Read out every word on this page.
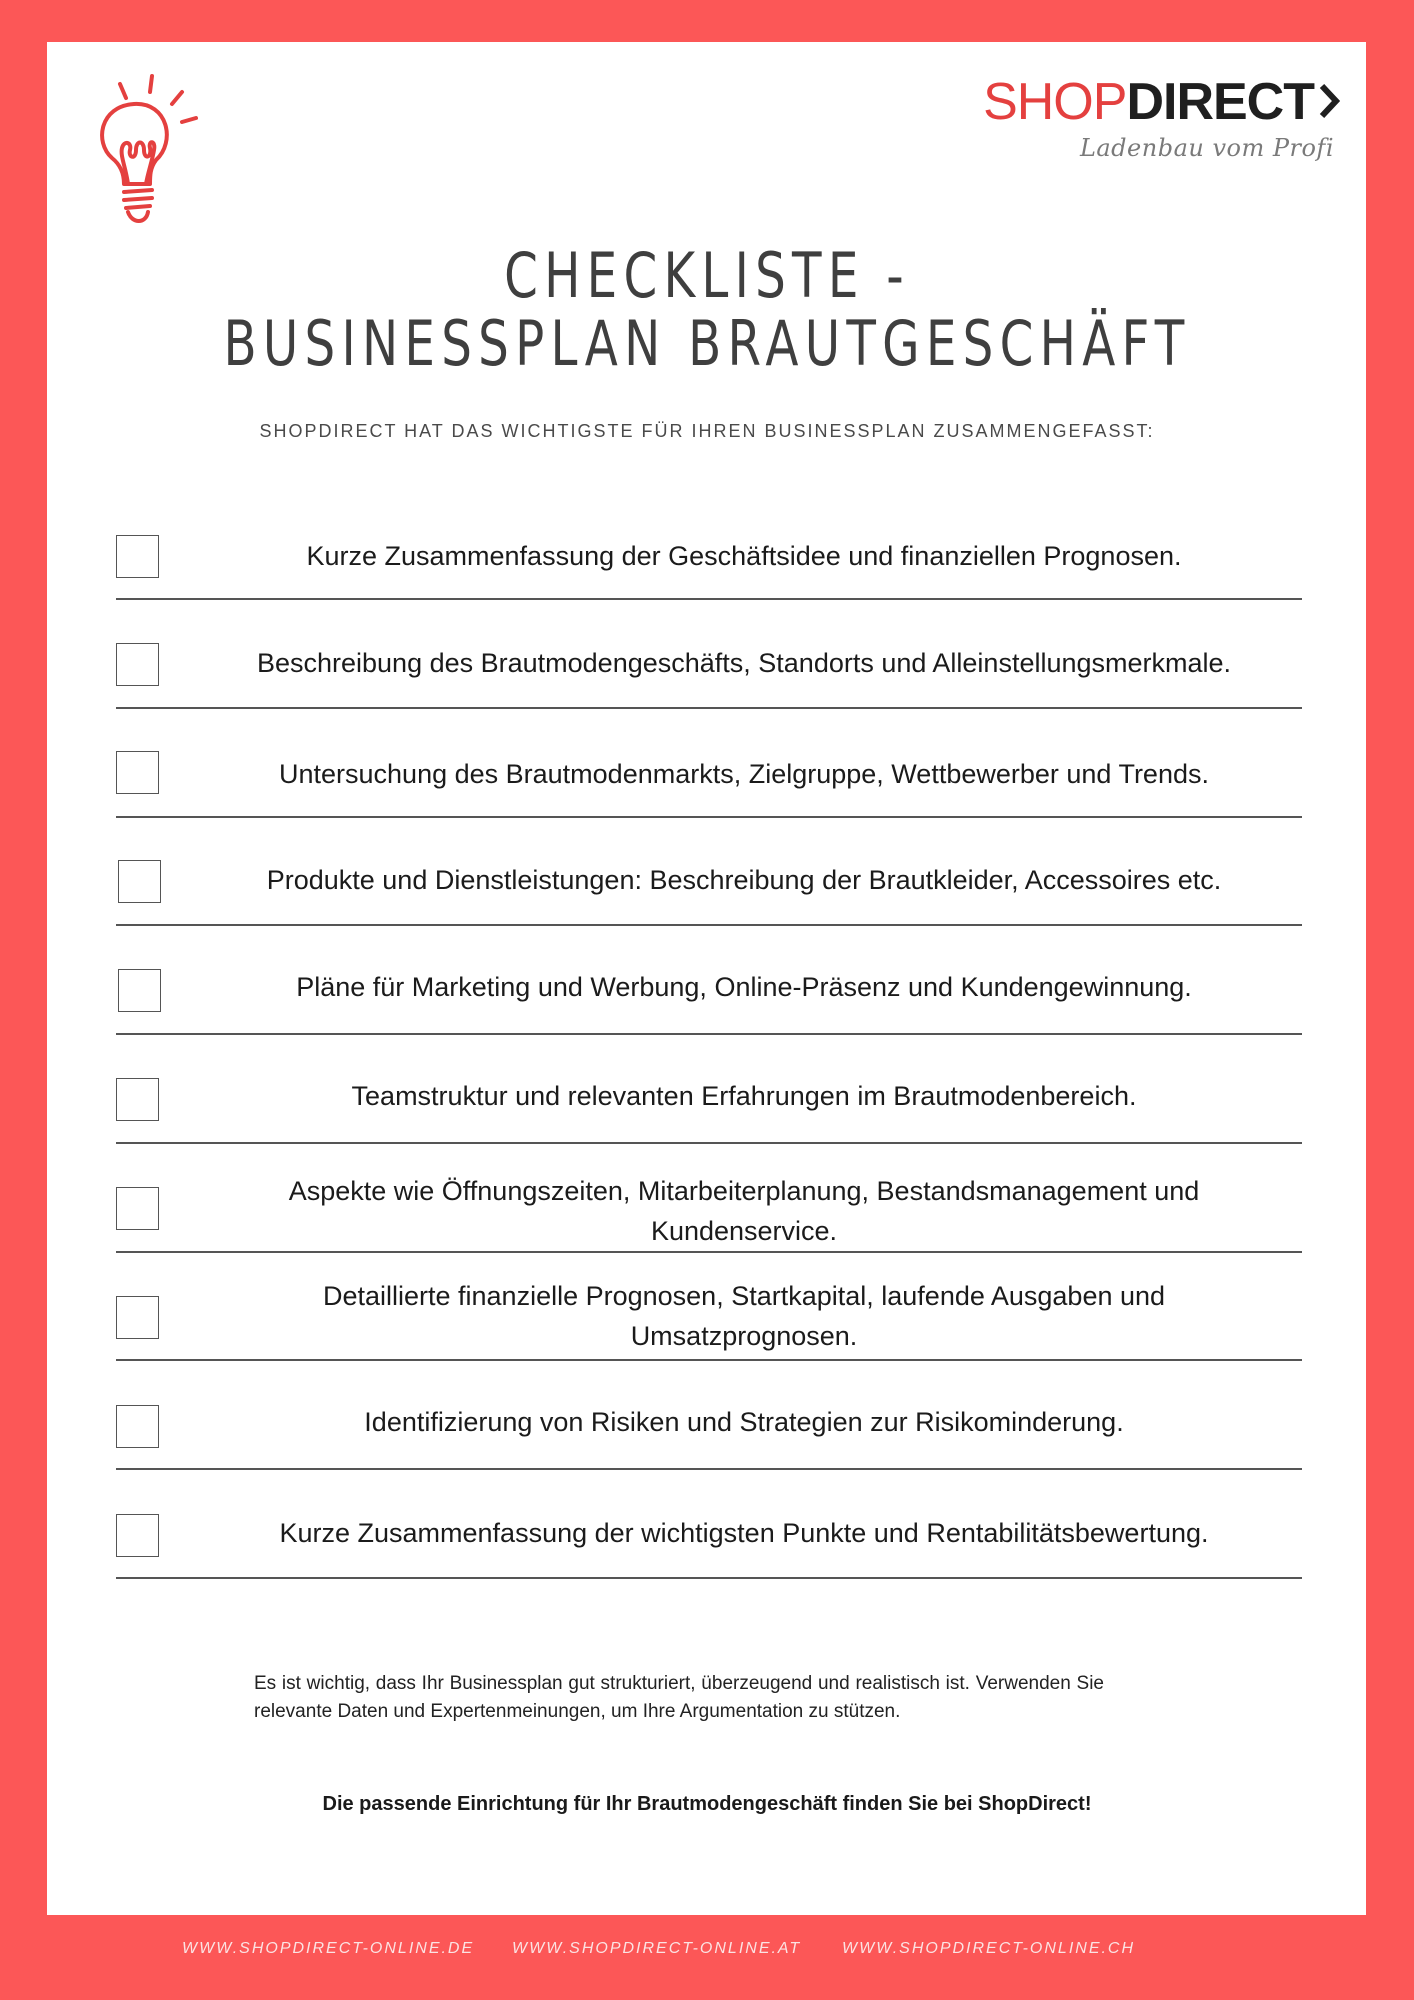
SHOPDIRECT
Ladenbau vom Profi
CHECKLISTE -
BUSINESSPLAN BRAUTGESCHÄFT
SHOPDIRECT HAT DAS WICHTIGSTE FÜR IHREN BUSINESSPLAN ZUSAMMENGEFASST:
Kurze Zusammenfassung der Geschäftsidee und finanziellen Prognosen.
Beschreibung des Brautmodengeschäfts, Standorts und Alleinstellungsmerkmale.
Untersuchung des Brautmodenmarkts, Zielgruppe, Wettbewerber und Trends.
Produkte und Dienstleistungen: Beschreibung der Brautkleider, Accessoires etc.
Pläne für Marketing und Werbung, Online-Präsenz und Kundengewinnung.
Teamstruktur und relevanten Erfahrungen im Brautmodenbereich.
Aspekte wie Öffnungszeiten, Mitarbeiterplanung, Bestandsmanagement und Kundenservice.
Detaillierte finanzielle Prognosen, Startkapital, laufende Ausgaben und Umsatzprognosen.
Identifizierung von Risiken und Strategien zur Risikominderung.
Kurze Zusammenfassung der wichtigsten Punkte und Rentabilitätsbewertung.
Es ist wichtig, dass Ihr Businessplan gut strukturiert, überzeugend und realistisch ist. Verwenden Sie relevante Daten und Expertenmeinungen, um Ihre Argumentation zu stützen.
Die passende Einrichtung für Ihr Brautmodengeschäft finden Sie bei ShopDirect!
WWW.SHOPDIRECT-ONLINE.DE WWW.SHOPDIRECT-ONLINE.AT	WWW.SHOPDIRECT-ONLINE.CH
